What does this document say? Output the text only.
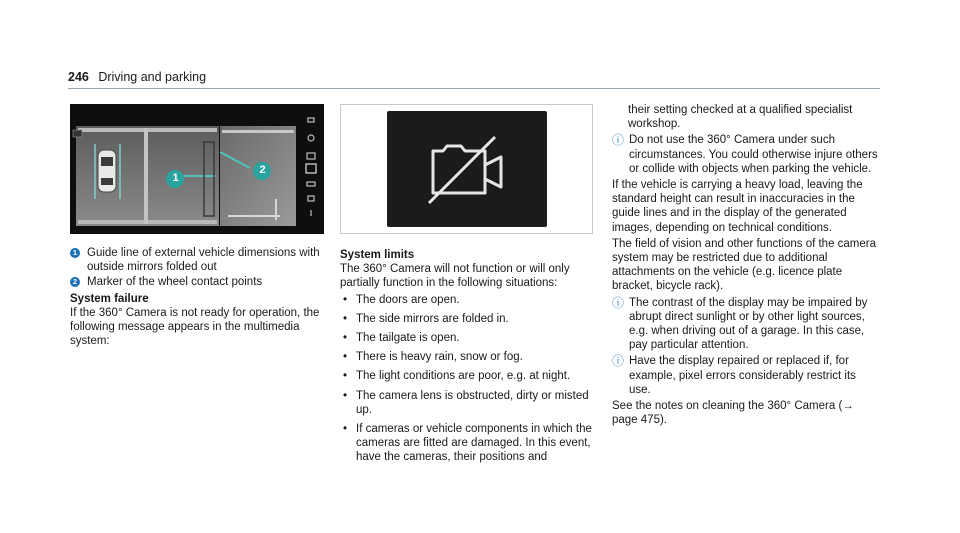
246 Driving and parking
1
2
1 Guide line of external vehicle dimensions with outside mirrors folded out
2 Marker of the wheel contact points
System failure
If the 360° Camera is not ready for operation, the following message appears in the multimedia system:
System limits
The 360° Camera will not function or will only partially function in the following situations:
• The doors are open.
• The side mirrors are folded in.
• The tailgate is open.
• There is heavy rain, snow or fog.
• The light conditions are poor, e.g. at night.
• The camera lens is obstructed, dirty or misted up.
• If cameras or vehicle components in which the cameras are fitted are damaged. In this event, have the cameras, their positions and
their setting checked at a qualified specialist workshop.
ⓘ Do not use the 360° Camera under such circumstances. You could otherwise injure others or collide with objects when parking the vehicle.
If the vehicle is carrying a heavy load, leaving the standard height can result in inaccuracies in the guide lines and in the display of the generated images, depending on technical conditions.
The field of vision and other functions of the camera system may be restricted due to additional attachments on the vehicle (e.g. licence plate bracket, bicycle rack).
ⓘ The contrast of the display may be impaired by abrupt direct sunlight or by other light sources, e.g. when driving out of a garage. In this case, pay particular attention.
ⓘ Have the display repaired or replaced if, for example, pixel errors considerably restrict its use.
See the notes on cleaning the 360° Camera (→ page 475).
